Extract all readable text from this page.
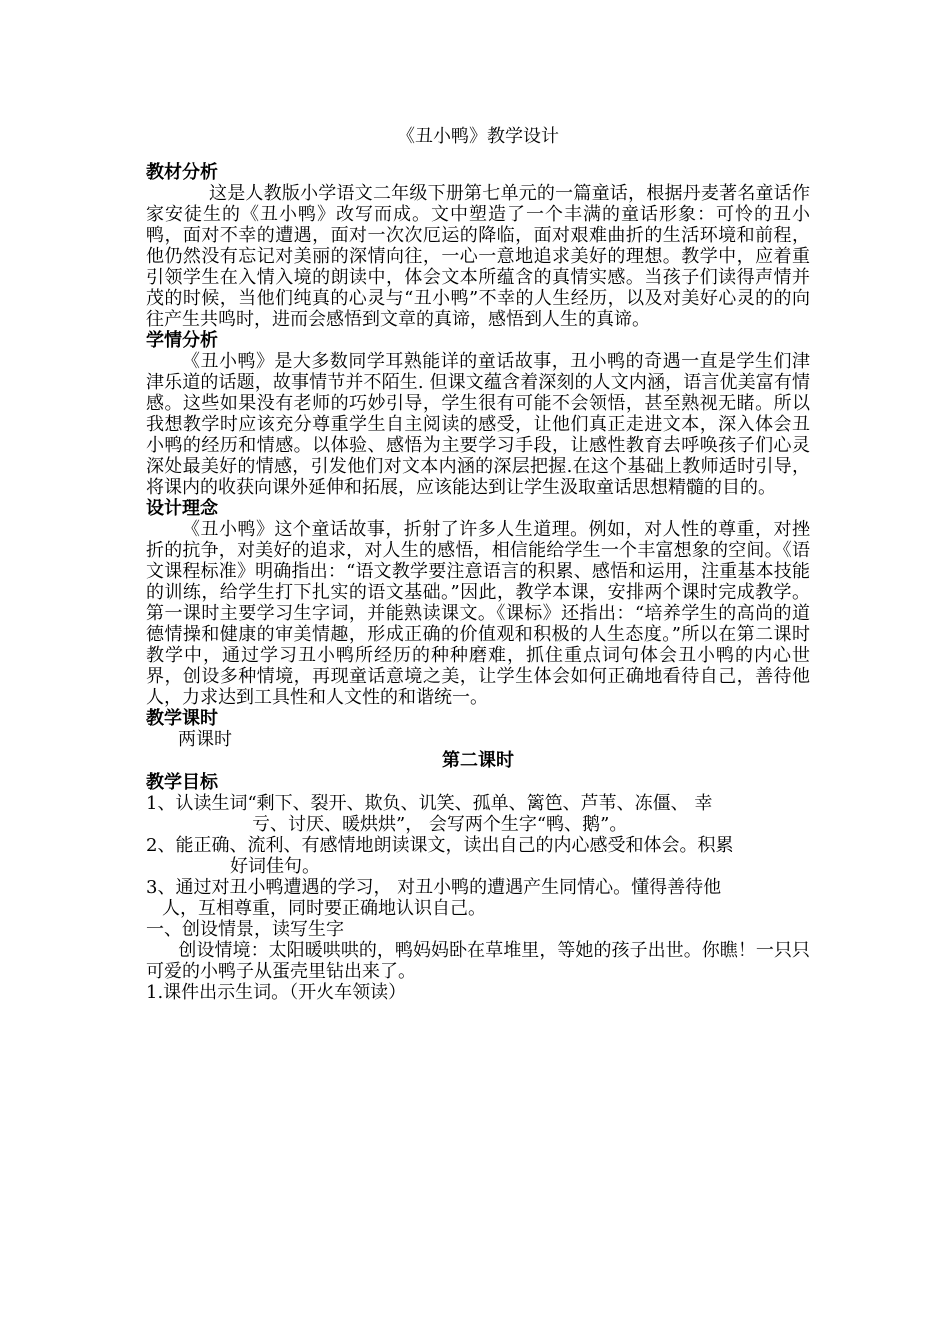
《丑小鸭》教学设计

教材分析

这是人教版小学语文二年级下册第七单元的一篇童话，根据丹麦著名童话作家安徒生的《丑小鸭》改写而成。文中塑造了一个丰满的童话形象：可怜的丑小鸭，面对不幸的遭遇，面对一次次厄运的降临，面对艰难曲折的生活环境和前程，他仍然没有忘记对美丽的深情向往，一心一意地追求美好的理想。教学中，应着重引领学生在入情入境的朗读中，体会文本所蕴含的真情实感。当孩子们读得声情并茂的时候，当他们纯真的心灵与“丑小鸭”不幸的人生经历，以及对美好心灵的的向往产生共鸣时，进而会感悟到文章的真谛，感悟到人生的真谛。

学情分析

《丑小鸭》是大多数同学耳熟能详的童话故事，丑小鸭的奇遇一直是学生们津津乐道的话题，故事情节并不陌生. 但课文蕴含着深刻的人文内涵，语言优美富有情感。这些如果没有老师的巧妙引导，学生很有可能不会领悟，甚至熟视无睹。所以我想教学时应该充分尊重学生自主阅读的感受，让他们真正走进文本，深入体会丑小鸭的经历和情感。以体验、感悟为主要学习手段，让感性教育去呼唤孩子们心灵深处最美好的情感，引发他们对文本内涵的深层把握.在这个基础上教师适时引导，将课内的收获向课外延伸和拓展，应该能达到让学生汲取童话思想精髓的目的。

设计理念

《丑小鸭》这个童话故事，折射了许多人生道理。例如，对人性的尊重，对挫折的抗争，对美好的追求，对人生的感悟，相信能给学生一个丰富想象的空间。《语文课程标准》明确指出：“语文教学要注意语言的积累、感悟和运用，注重基本技能的训练，给学生打下扎实的语文基础。”因此，教学本课，安排两个课时完成教学。第一课时主要学习生字词，并能熟读课文。《课标》还指出：“培养学生的高尚的道德情操和健康的审美情趣，形成正确的价值观和积极的人生态度。”所以在第二课时教学中，通过学习丑小鸭所经历的种种磨难，抓住重点词句体会丑小鸭的内心世界，创设多种情境，再现童话意境之美，让学生体会如何正确地看待自己，善待他人，力求达到工具性和人文性的和谐统一。

教学课时

两课时

第二课时

教学目标

1、认读生词“剩下、裂开、欺负、讥笑、孤单、篱笆、芦苇、冻僵、 幸

亏、讨厌、暖烘烘”， 会写两个生字“鸭、鹅”。

2、能正确、流利、有感情地朗读课文，读出自己的内心感受和体会。积累

好词佳句。

3、通过对丑小鸭遭遇的学习， 对丑小鸭的遭遇产生同情心。懂得善待他

人，互相尊重，同时要正确地认识自己。

一、创设情景，读写生字

创设情境：太阳暖哄哄的，鸭妈妈卧在草堆里，等她的孩子出世。你瞧！一只只可爱的小鸭子从蛋壳里钻出来了。

1.课件出示生词。（开火车领读）
